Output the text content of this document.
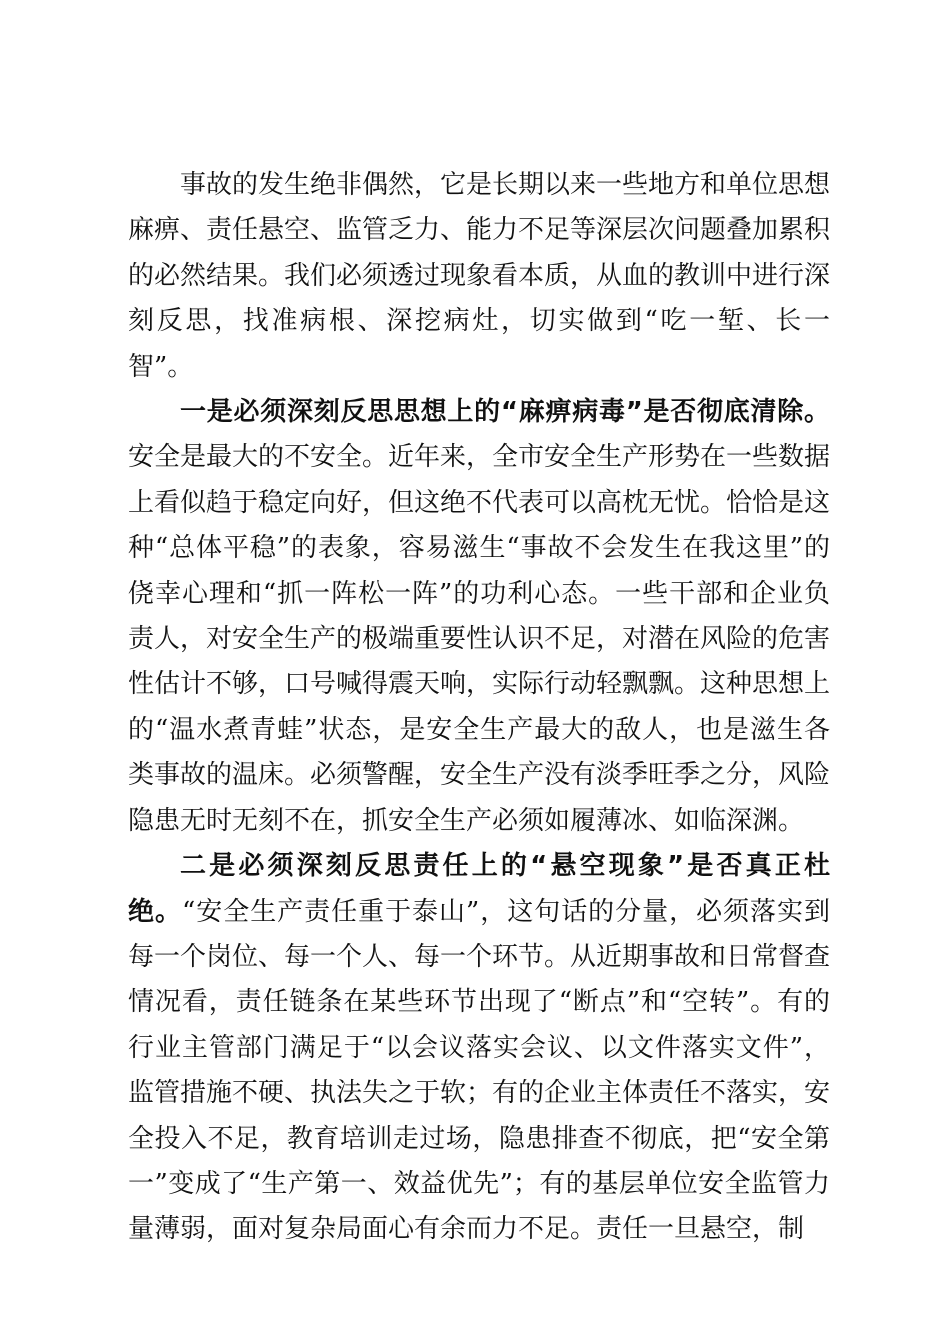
事故的发生绝非偶然，它是长期以来一些地方和单位思想麻痹、责任悬空、监管乏力、能力不足等深层次问题叠加累积的必然结果。我们必须透过现象看本质，从血的教训中进行深刻反思，找准病根、深挖病灶，切实做到“吃一堑、长一智”。

一是必须深刻反思思想上的“麻痹病毒”是否彻底清除。安全是最大的不安全。近年来，全市安全生产形势在一些数据上看似趋于稳定向好，但这绝不代表可以高枕无忧。恰恰是这种“总体平稳”的表象，容易滋生“事故不会发生在我这里”的侥幸心理和“抓一阵松一阵”的功利心态。一些干部和企业负责人，对安全生产的极端重要性认识不足，对潜在风险的危害性估计不够，口号喊得震天响，实际行动轻飘飘。这种思想上的“温水煮青蛙”状态，是安全生产最大的敌人，也是滋生各类事故的温床。必须警醒，安全生产没有淡季旺季之分，风险隐患无时无刻不在，抓安全生产必须如履薄冰、如临深渊。

二是必须深刻反思责任上的“悬空现象”是否真正杜绝。“安全生产责任重于泰山”，这句话的分量，必须落实到每一个岗位、每一个人、每一个环节。从近期事故和日常督查情况看，责任链条在某些环节出现了“断点”和“空转”。有的行业主管部门满足于“以会议落实会议、以文件落实文件”，监管措施不硬、执法失之于软；有的企业主体责任不落实，安全投入不足，教育培训走过场，隐患排查不彻底，把“安全第一”变成了“生产第一、效益优先”；有的基层单位安全监管力量薄弱，面对复杂局面心有余而力不足。责任一旦悬空，制
